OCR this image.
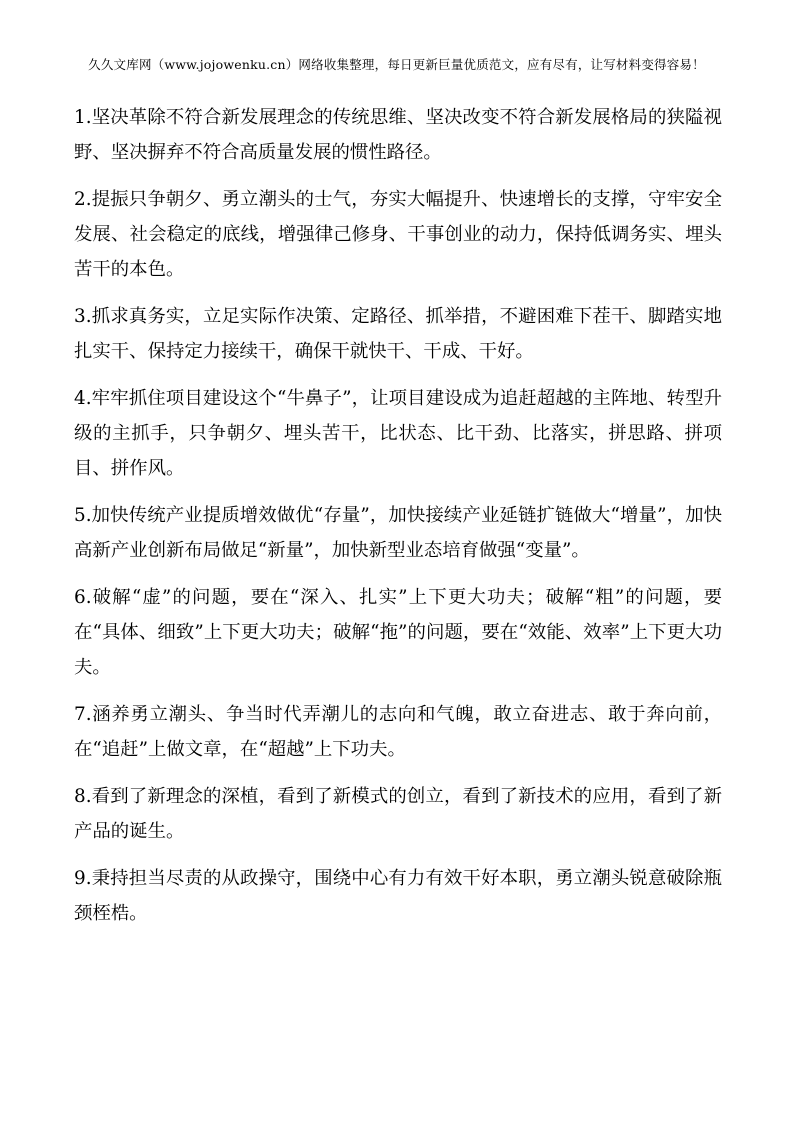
久久文库网（www.jojowenku.cn）网络收集整理，每日更新巨量优质范文，应有尽有，让写材料变得容易！

1.坚决革除不符合新发展理念的传统思维、坚决改变不符合新发展格局的狭隘视野、坚决摒弃不符合高质量发展的惯性路径。

2.提振只争朝夕、勇立潮头的士气，夯实大幅提升、快速增长的支撑，守牢安全发展、社会稳定的底线，增强律己修身、干事创业的动力，保持低调务实、埋头苦干的本色。

3.抓求真务实，立足实际作决策、定路径、抓举措，不避困难下茬干、脚踏实地扎实干、保持定力接续干，确保干就快干、干成、干好。

4.牢牢抓住项目建设这个“牛鼻子”，让项目建设成为追赶超越的主阵地、转型升级的主抓手，只争朝夕、埋头苦干，比状态、比干劲、比落实，拼思路、拼项目、拼作风。

5.加快传统产业提质增效做优“存量”，加快接续产业延链扩链做大“增量”，加快高新产业创新布局做足“新量”，加快新型业态培育做强“变量”。

6.破解“虚”的问题，要在“深入、扎实”上下更大功夫；破解“粗”的问题，要在“具体、细致”上下更大功夫；破解“拖”的问题，要在“效能、效率”上下更大功夫。

7.涵养勇立潮头、争当时代弄潮儿的志向和气魄，敢立奋进志、敢于奔向前，在“追赶”上做文章，在“超越”上下功夫。

8.看到了新理念的深植，看到了新模式的创立，看到了新技术的应用，看到了新产品的诞生。

9.秉持担当尽责的从政操守，围绕中心有力有效干好本职，勇立潮头锐意破除瓶颈桎梏。
